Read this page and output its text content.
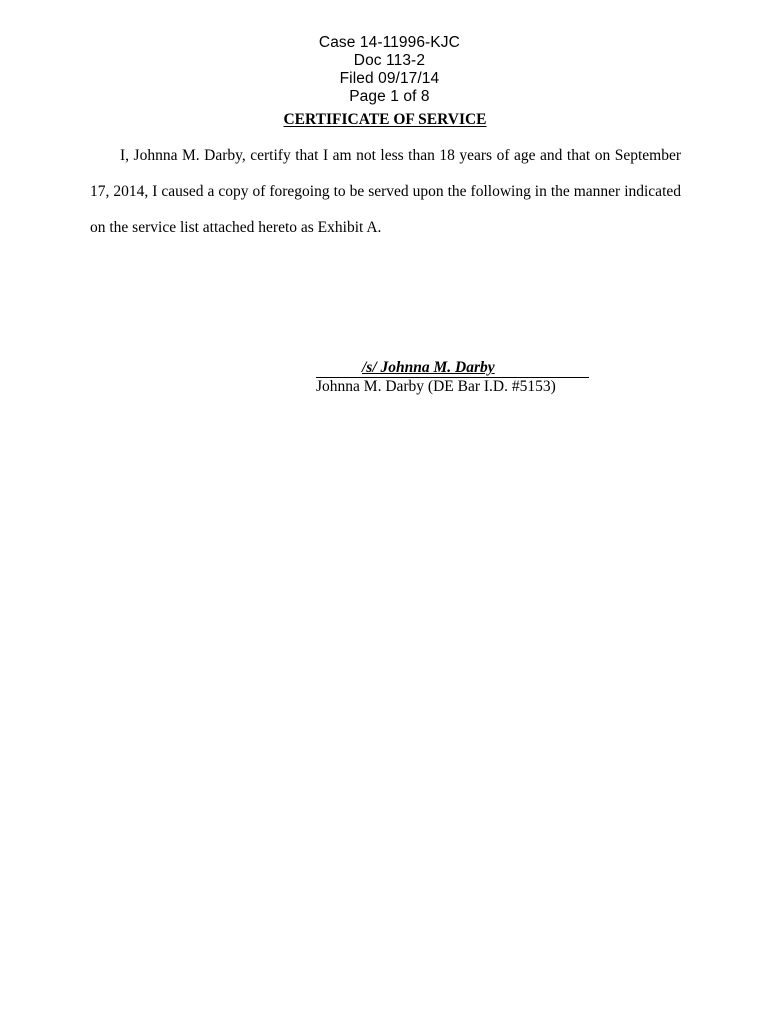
Case 14-11996-KJC
Doc 113-2
Filed 09/17/14
Page 1 of 8

CERTIFICATE OF SERVICE
I, Johnna M. Darby, certify that I am not less than 18 years of age and that on September
17, 2014, I caused a copy of foregoing to be served upon the following in the manner indicated
on the service list attached hereto as Exhibit A.
/s/ Johnna M. Darby
Johnna M. Darby (DE Bar I.D. #5153)
